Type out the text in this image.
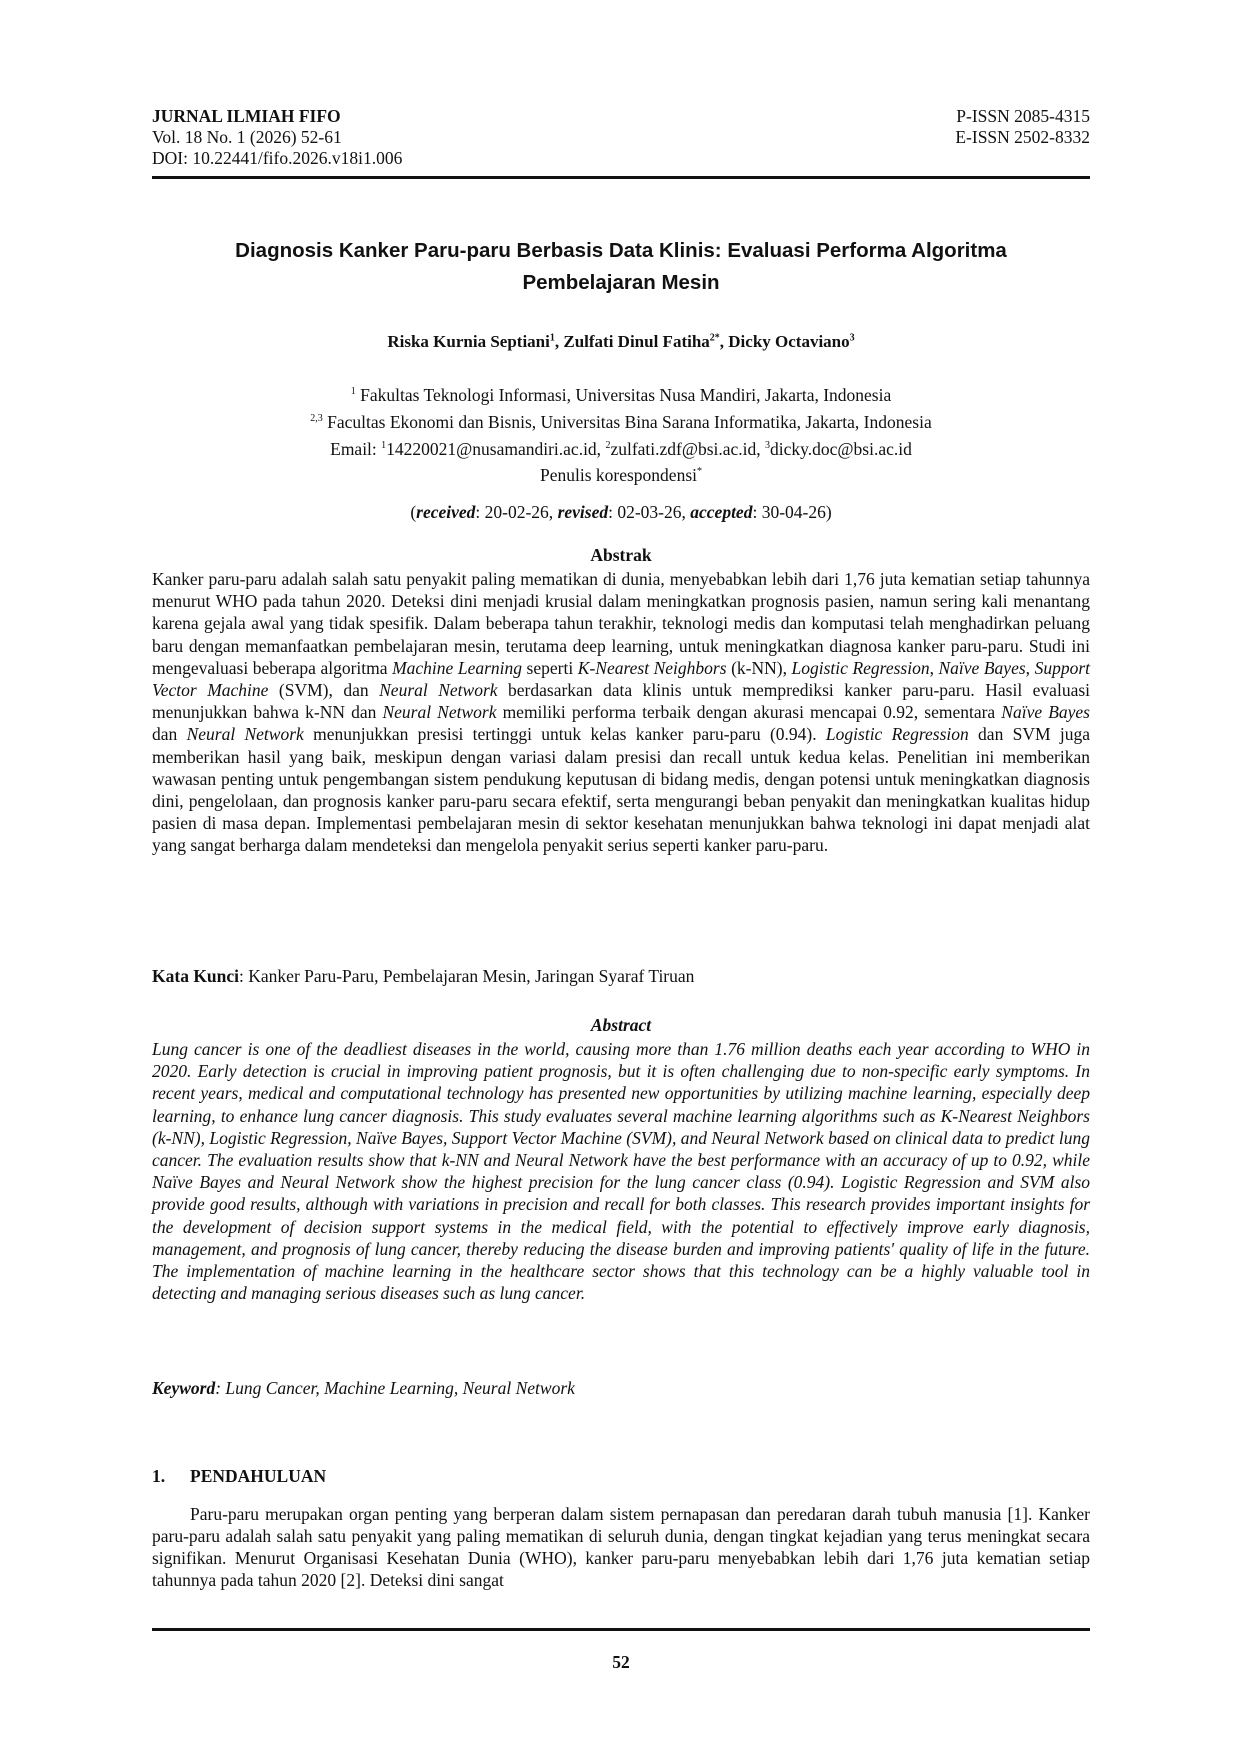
JURNAL ILMIAH FIFO	P-ISSN 2085-4315
Vol. 18 No. 1 (2026) 52-61	E-ISSN 2502-8332
DOI: 10.22441/fifo.2026.v18i1.006
Diagnosis Kanker Paru-paru Berbasis Data Klinis: Evaluasi Performa Algoritma
Pembelajaran Mesin
Riska Kurnia Septiani$^1$, Zulfati Dinul Fatiha$^{2*}$, Dicky Octaviano$^3$
$^1$ Fakultas Teknologi Informasi, Universitas Nusa Mandiri, Jakarta, Indonesia
$^{2,3}$ Facultas Ekonomi dan Bisnis, Universitas Bina Sarana Informatika, Jakarta, Indonesia
Email: $^1$14220021@nusamandiri.ac.id, $^2$zulfati.zdf@bsi.ac.id, $^3$dicky.doc@bsi.ac.id
Penulis korespondensi*
(received: 20-02-26, revised: 02-03-26, accepted: 30-04-26)
Abstrak
Kanker paru-paru adalah salah satu penyakit paling mematikan di dunia, menyebabkan lebih dari 1,76 juta kematian setiap tahunnya menurut WHO pada tahun 2020. Deteksi dini menjadi krusial dalam meningkatkan prognosis pasien, namun sering kali menantang karena gejala awal yang tidak spesifik. Dalam beberapa tahun terakhir, teknologi medis dan komputasi telah menghadirkan peluang baru dengan memanfaatkan pembelajaran mesin, terutama deep learning, untuk meningkatkan diagnosa kanker paru-paru. Studi ini mengevaluasi beberapa algoritma Machine Learning seperti K-Nearest Neighbors (k-NN), Logistic Regression, Naïve Bayes, Support Vector Machine (SVM), dan Neural Network berdasarkan data klinis untuk memprediksi kanker paru-paru. Hasil evaluasi menunjukkan bahwa k-NN dan Neural Network memiliki performa terbaik dengan akurasi mencapai 0.92, sementara Naïve Bayes dan Neural Network menunjukkan presisi tertinggi untuk kelas kanker paru-paru (0.94). Logistic Regression dan SVM juga memberikan hasil yang baik, meskipun dengan variasi dalam presisi dan recall untuk kedua kelas. Penelitian ini memberikan wawasan penting untuk pengembangan sistem pendukung keputusan di bidang medis, dengan potensi untuk meningkatkan diagnosis dini, pengelolaan, dan prognosis kanker paru-paru secara efektif, serta mengurangi beban penyakit dan meningkatkan kualitas hidup pasien di masa depan. Implementasi pembelajaran mesin di sektor kesehatan menunjukkan bahwa teknologi ini dapat menjadi alat yang sangat berharga dalam mendeteksi dan mengelola penyakit serius seperti kanker paru-paru.
Kata Kunci: Kanker Paru-Paru, Pembelajaran Mesin, Jaringan Syaraf Tiruan
Abstract
Lung cancer is one of the deadliest diseases in the world, causing more than 1.76 million deaths each year according to WHO in 2020. Early detection is crucial in improving patient prognosis, but it is often challenging due to non-specific early symptoms. In recent years, medical and computational technology has presented new opportunities by utilizing machine learning, especially deep learning, to enhance lung cancer diagnosis. This study evaluates several machine learning algorithms such as K-Nearest Neighbors (k-NN), Logistic Regression, Naïve Bayes, Support Vector Machine (SVM), and Neural Network based on clinical data to predict lung cancer. The evaluation results show that k-NN and Neural Network have the best performance with an accuracy of up to 0.92, while Naïve Bayes and Neural Network show the highest precision for the lung cancer class (0.94). Logistic Regression and SVM also provide good results, although with variations in precision and recall for both classes. This research provides important insights for the development of decision support systems in the medical field, with the potential to effectively improve early diagnosis, management, and prognosis of lung cancer, thereby reducing the disease burden and improving patients' quality of life in the future. The implementation of machine learning in the healthcare sector shows that this technology can be a highly valuable tool in detecting and managing serious diseases such as lung cancer.
Keyword: Lung Cancer, Machine Learning, Neural Network
1. PENDAHULUAN
Paru-paru merupakan organ penting yang berperan dalam sistem pernapasan dan peredaran darah tubuh manusia [1]. Kanker paru-paru adalah salah satu penyakit yang paling mematikan di seluruh dunia, dengan tingkat kejadian yang terus meningkat secara signifikan. Menurut Organisasi Kesehatan Dunia (WHO), kanker paru-paru menyebabkan lebih dari 1,76 juta kematian setiap tahunnya pada tahun 2020 [2]. Deteksi dini sangat
52
